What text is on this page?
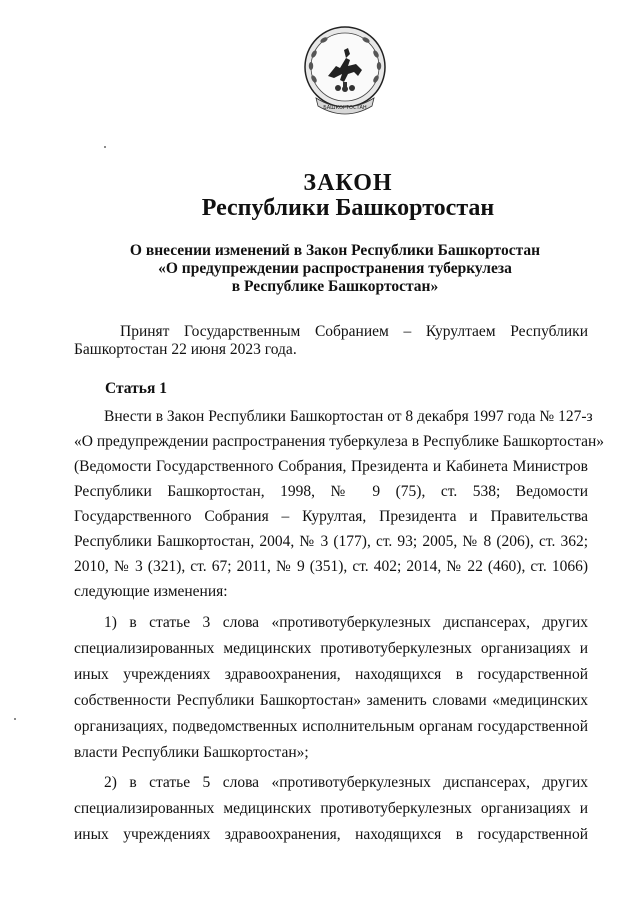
БАШКОРТОСТАН
ЗАКОН
Республики Башкортостан
О внесении изменений в Закон Республики Башкортостан
«О предупреждении распространения туберкулеза
в Республике Башкортостан»
Принят Государственным Собранием – Курултаем Республики
Башкортостан 22 июня 2023 года.
Статья 1
Внести в Закон Республики Башкортостан от 8 декабря 1997 года № 127-з
«О предупреждении распространения туберкулеза в Республике Башкортостан»
(Ведомости Государственного Собрания, Президента и Кабинета Министров
Республики Башкортостан, 1998, № 9 (75), ст. 538; Ведомости
Государственного Собрания – Курултая, Президента и Правительства
Республики Башкортостан, 2004, № 3 (177), ст. 93; 2005, № 8 (206), ст. 362;
2010, № 3 (321), ст. 67; 2011, № 9 (351), ст. 402; 2014, № 22 (460), ст. 1066)
следующие изменения:
1) в статье 3 слова «противотуберкулезных диспансерах, других
специализированных медицинских противотуберкулезных организациях и
иных учреждениях здравоохранения, находящихся в государственной
собственности Республики Башкортостан» заменить словами «медицинских
организациях, подведомственных исполнительным органам государственной
власти Республики Башкортостан»;
2) в статье 5 слова «противотуберкулезных диспансерах, других
специализированных медицинских противотуберкулезных организациях и
иных учреждениях здравоохранения, находящихся в государственной
